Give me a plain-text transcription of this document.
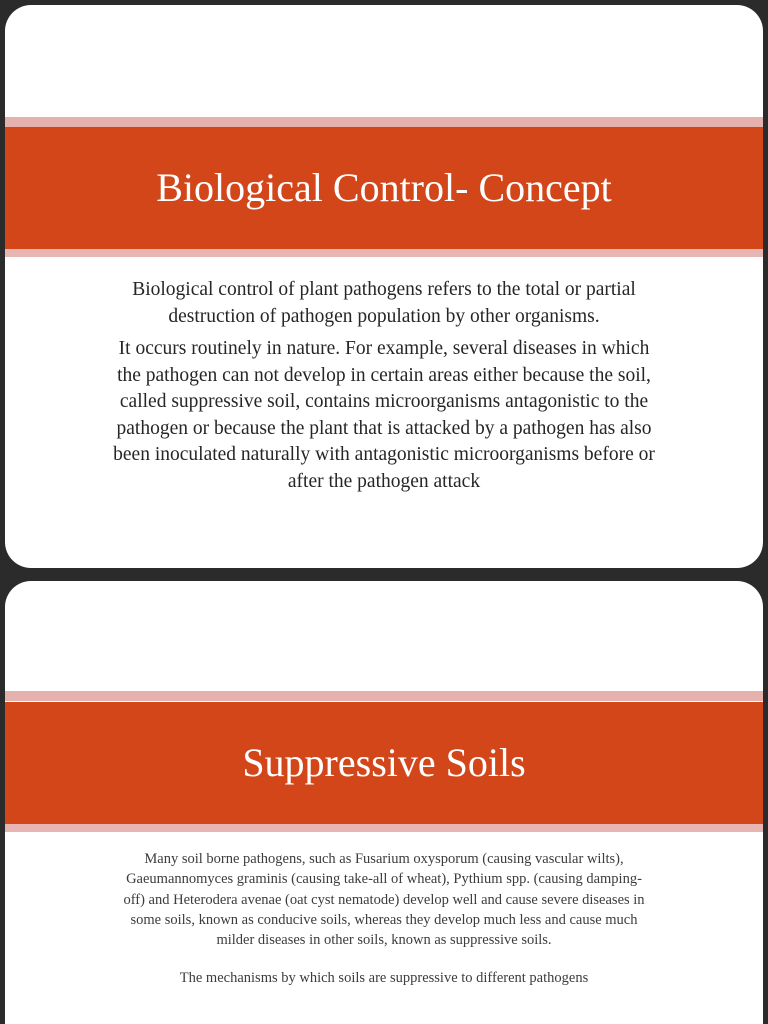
Biological Control- Concept

Biological control of plant pathogens refers to the total or partial destruction of pathogen population by other organisms.

It occurs routinely in nature. For example, several diseases in which the pathogen can not develop in certain areas either because the soil, called suppressive soil, contains microorganisms antagonistic to the pathogen or because the plant that is attacked by a pathogen has also been inoculated naturally with antagonistic microorganisms before or after the pathogen attack

Suppressive Soils

Many soil borne pathogens, such as Fusarium oxysporum (causing vascular wilts), Gaeumannomyces graminis (causing take-all of wheat), Pythium spp. (causing damping-off) and Heterodera avenae (oat cyst nematode) develop well and cause severe diseases in some soils, known as conducive soils, whereas they develop much less and cause much milder diseases in other soils, known as suppressive soils.

The mechanisms by which soils are suppressive to different pathogens
